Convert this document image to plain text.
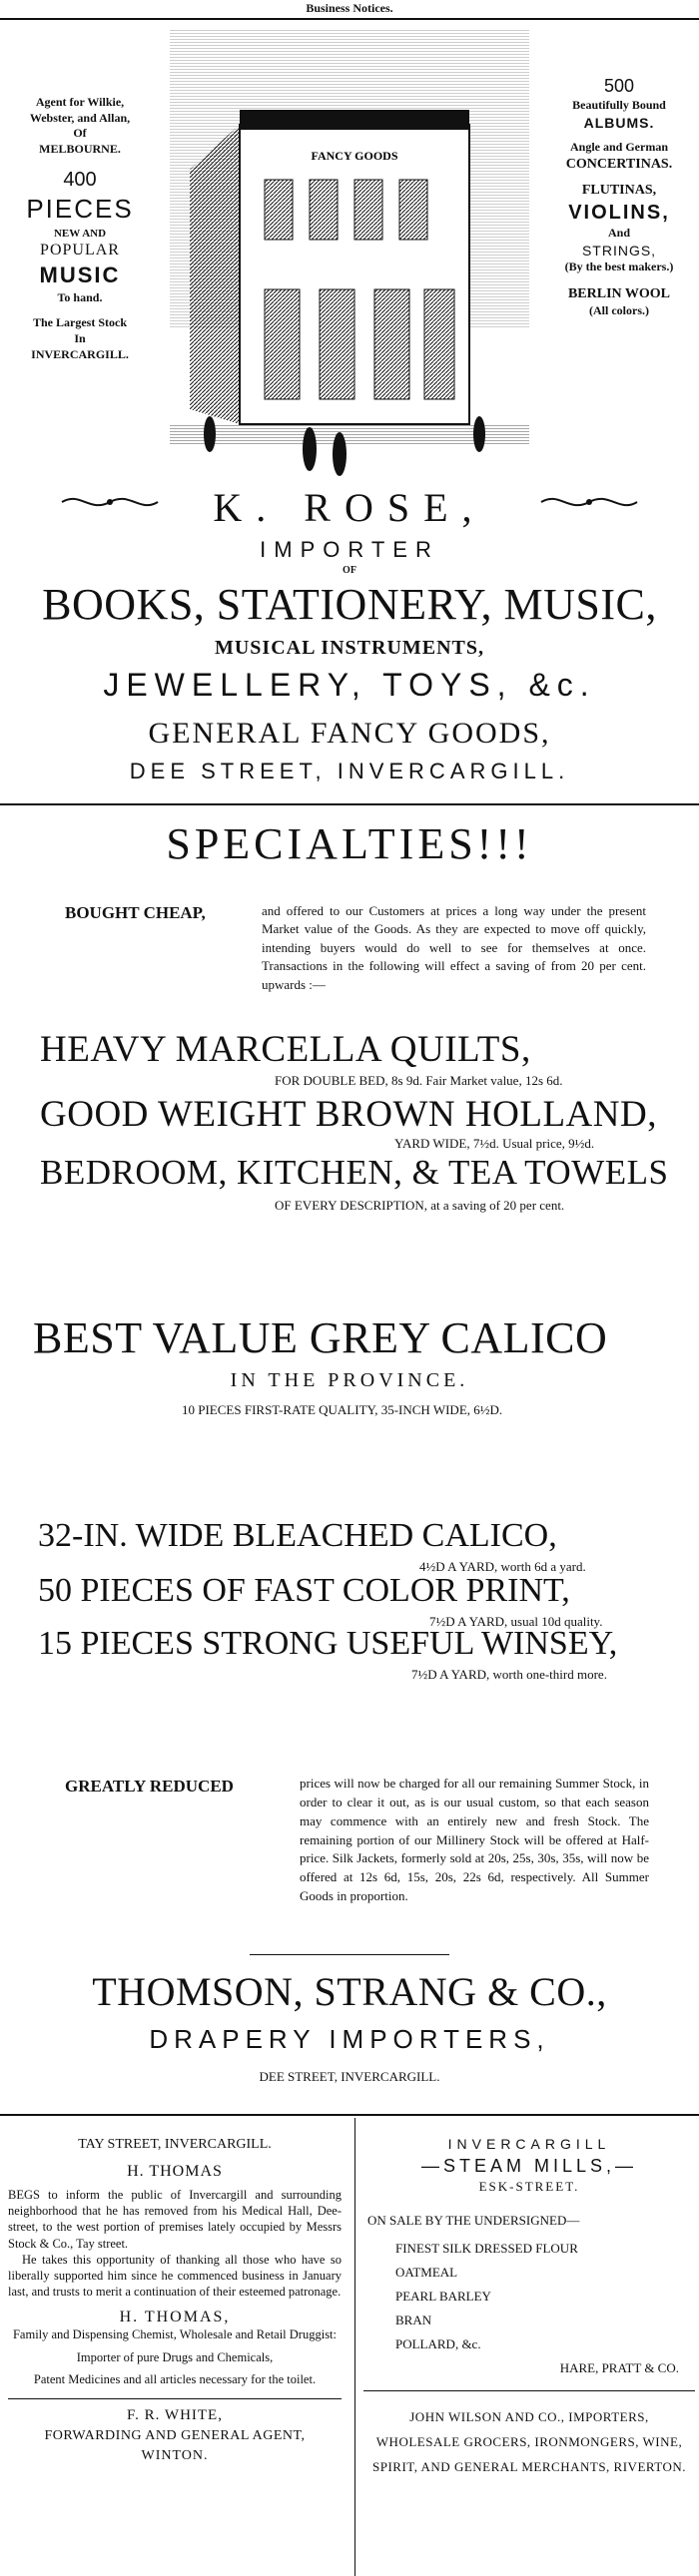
Business Notices.
Agent for Wilkie,
Webster, and Allan,
Of
MELBOURNE.
400
PIECES
NEW AND
POPULAR
MUSIC
To hand.
The Largest Stock
In
INVERCARGILL.
FANCY GOODS
500
Beautifully Bound
ALBUMS.
Angle and German
CONCERTINAS.
FLUTINAS,
VIOLINS,
And
STRINGS,
(By the best makers.)
BERLIN WOOL
(All colors.)
K. ROSE,
IMPORTER
OF
BOOKS, STATIONERY, MUSIC,
MUSICAL INSTRUMENTS,
JEWELLERY, TOYS, &c.
GENERAL FANCY GOODS,
DEE STREET, INVERCARGILL.
SPECIALTIES!!!
BOUGHT CHEAP,	and offered to our Customers at prices a long way under the present Market value of the Goods. As they are expected to move off quickly, intending buyers would do well to see for themselves at once. Transactions in the following will effect a saving of from 20 per cent. upwards :—
HEAVY MARCELLA QUILTS,
FOR DOUBLE BED, 8s 9d. Fair Market value, 12s 6d.
GOOD WEIGHT BROWN HOLLAND,
YARD WIDE, 7½d. Usual price, 9½d.
BEDROOM, KITCHEN, & TEA TOWELS
OF EVERY DESCRIPTION, at a saving of 20 per cent.
BEST VALUE GREY CALICO
IN THE PROVINCE.
10 PIECES FIRST-RATE QUALITY, 35-INCH WIDE, 6½D.
32-IN. WIDE BLEACHED CALICO,
4½D A YARD, worth 6d a yard.
50 PIECES OF FAST COLOR PRINT,
7½D A YARD, usual 10d quality.
15 PIECES STRONG USEFUL WINSEY,
7½D A YARD, worth one-third more.
GREATLY REDUCED	prices will now be charged for all our remaining Summer Stock, in order to clear it out, as is our usual custom, so that each season may commence with an entirely new and fresh Stock. The remaining portion of our Millinery Stock will be offered at Half-price. Silk Jackets, formerly sold at 20s, 25s, 30s, 35s, will now be offered at 12s 6d, 15s, 20s, 22s 6d, respectively. All Summer Goods in proportion.
THOMSON, STRANG & CO.,
DRAPERY IMPORTERS,
DEE STREET, INVERCARGILL.
TAY STREET, INVERCARGILL.
H. THOMAS
BEGS to inform the public of Invercargill and surrounding neighborhood that he has removed from his Medical Hall, Dee-street, to the west portion of premises lately occupied by Messrs Stock & Co., Tay street.
He takes this opportunity of thanking all those who have so liberally supported him since he commenced business in January last, and trusts to merit a continuation of their esteemed patronage.
H. THOMAS,
Family and Dispensing Chemist, Wholesale and Retail Druggist:
Importer of pure Drugs and Chemicals,
Patent Medicines and all articles necessary for the toilet.
F. R. WHITE,
FORWARDING AND GENERAL AGENT,
WINTON.
INVERCARGILL
—STEAM MILLS,—
ESK-STREET.
ON SALE BY THE UNDERSIGNED—
FINEST SILK DRESSED FLOUR
OATMEAL
PEARL BARLEY
BRAN
POLLARD, &c.
HARE, PRATT & CO.
JOHN WILSON AND CO., IMPORTERS, WHOLESALE GROCERS, IRONMONGERS, WINE, SPIRIT, AND GENERAL MERCHANTS, RIVERTON.
